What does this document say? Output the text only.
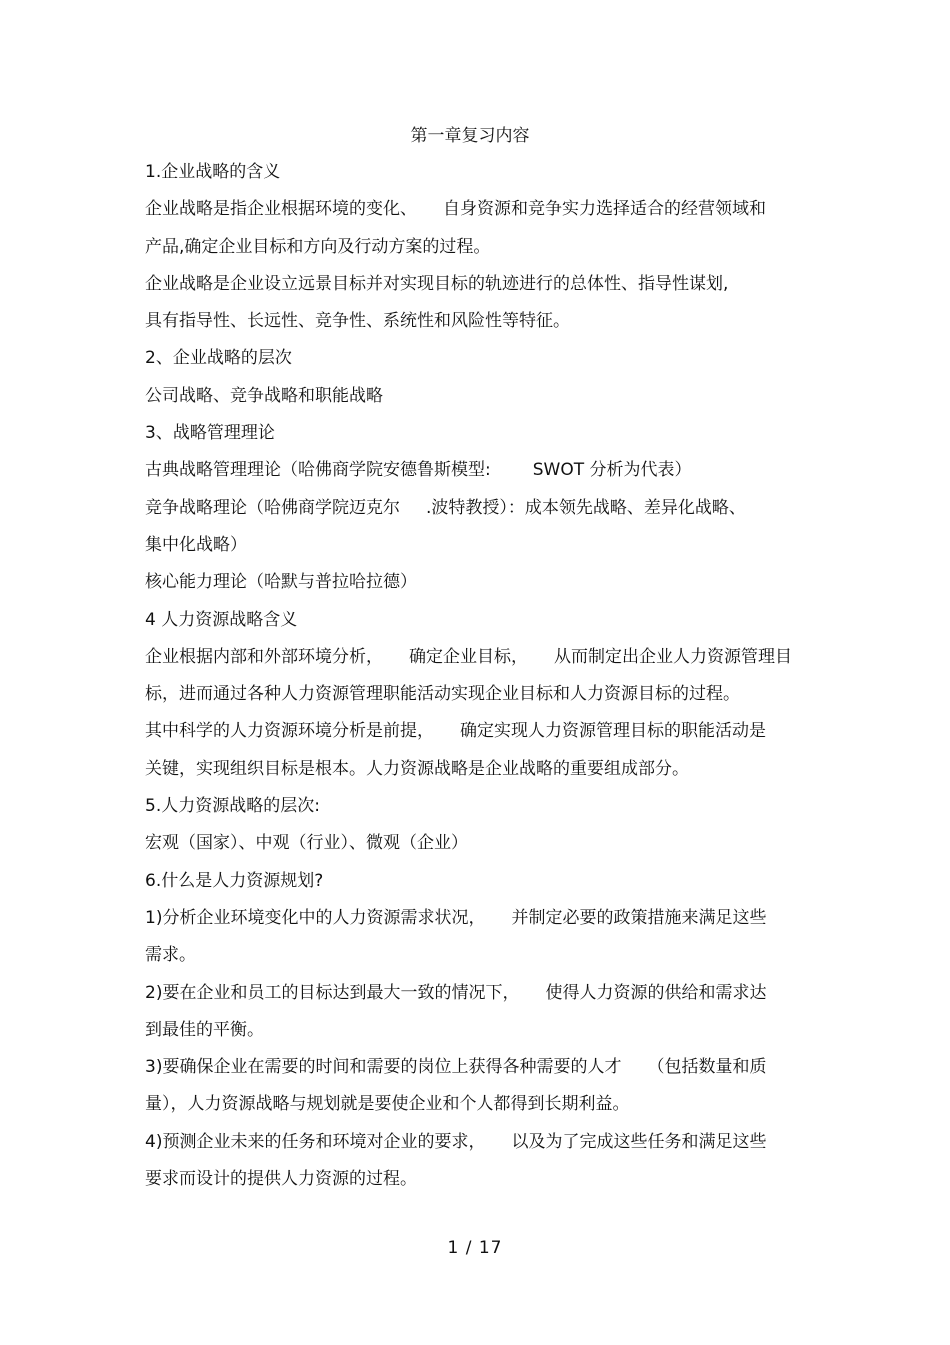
第一章复习内容
1.企业战略的含义
企业战略是指企业根据环境的变化、 自身资源和竞争实力选择适合的经营领域和
产品,确定企业目标和方向及行动方案的过程。
企业战略是企业设立远景目标并对实现目标的轨迹进行的总体性、指导性谋划,
具有指导性、长远性、竞争性、系统性和风险性等特征。
2、企业战略的层次
公司战略、竞争战略和职能战略
3、战略管理理论
古典战略管理理论（哈佛商学院安德鲁斯模型: SWOT 分析为代表）
竞争战略理论（哈佛商学院迈克尔 .波特教授）：成本领先战略、差异化战略、
集中化战略）
核心能力理论（哈默与普拉哈拉德）
4 人力资源战略含义
企业根据内部和外部环境分析， 确定企业目标， 从而制定出企业人力资源管理目
标，进而通过各种人力资源管理职能活动实现企业目标和人力资源目标的过程。
其中科学的人力资源环境分析是前提， 确定实现人力资源管理目标的职能活动是
关键，实现组织目标是根本。人力资源战略是企业战略的重要组成部分。
5.人力资源战略的层次:
宏观（国家）、中观（行业）、微观（企业）
6.什么是人力资源规划?
1)分析企业环境变化中的人力资源需求状况， 并制定必要的政策措施来满足这些
需求。
2)要在企业和员工的目标达到最大一致的情况下， 使得人力资源的供给和需求达
到最佳的平衡。
3)要确保企业在需要的时间和需要的岗位上获得各种需要的人才 （包括数量和质
量），人力资源战略与规划就是要使企业和个人都得到长期利益。
4)预测企业未来的任务和环境对企业的要求， 以及为了完成这些任务和满足这些
要求而设计的提供人力资源的过程。
1 / 17
